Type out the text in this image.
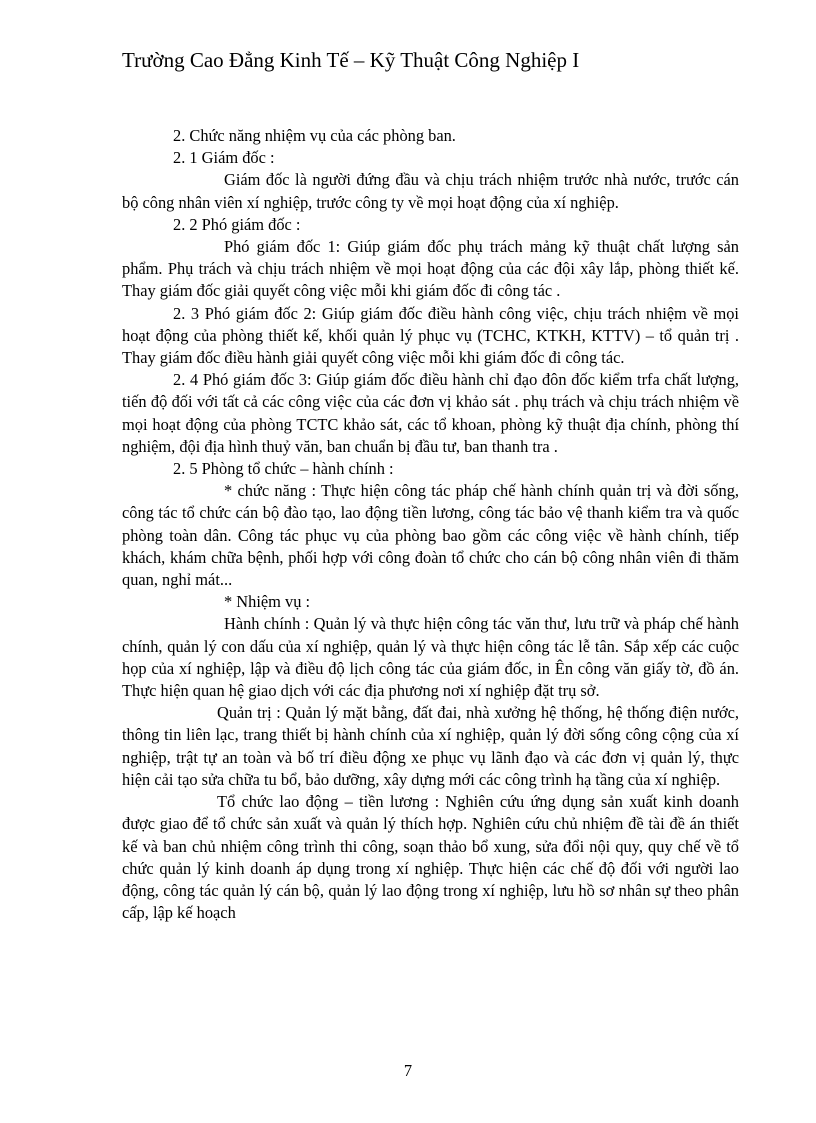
Trường Cao Đẳng Kinh Tế – Kỹ Thuật Công Nghiệp I

2. Chức năng nhiệm vụ của các phòng ban.

2. 1 Giám đốc :

Giám đốc là người đứng đầu và chịu trách nhiệm trước nhà nước, trước cán bộ công nhân viên xí nghiệp, trước công ty về mọi hoạt động của xí nghiệp.

2. 2 Phó giám đốc :

Phó giám đốc 1: Giúp giám đốc phụ trách mảng kỹ thuật chất lượng sản phẩm. Phụ trách và chịu trách nhiệm về mọi hoạt động của các đội xây lắp, phòng thiết kế. Thay giám đốc giải quyết công việc mỗi khi giám đốc đi công tác .

2. 3 Phó giám đốc 2: Giúp giám đốc điều hành công việc, chịu trách nhiệm về mọi hoạt động của phòng thiết kế, khối quản lý phục vụ (TCHC, KTKH, KTTV) – tổ quản trị . Thay giám đốc điều hành giải quyết công việc mỗi khi giám đốc đi công tác.

2. 4 Phó giám đốc 3: Giúp giám đốc điều hành chỉ đạo đôn đốc kiểm trfa chất lượng, tiến độ đối với tất cả các công việc của các đơn vị khảo sát . phụ trách và chịu trách nhiệm về mọi hoạt động của phòng TCTC khảo sát, các tổ khoan, phòng kỹ thuật địa chính, phòng thí nghiệm, đội địa hình thuỷ văn, ban chuẩn bị đầu tư, ban thanh tra .

2. 5 Phòng tổ chức – hành chính :

* chức năng : Thực hiện công tác pháp chế hành chính quản trị và đời sống, công tác tổ chức cán bộ đào tạo, lao động tiền lương, công tác bảo vệ thanh kiểm tra và quốc phòng toàn dân. Công tác phục vụ của phòng bao gồm các công việc về hành chính, tiếp khách, khám chữa bệnh, phối hợp với công đoàn tổ chức cho cán bộ công nhân viên đi thăm quan, nghỉ mát...

* Nhiệm vụ :

Hành chính : Quản lý và thực hiện công tác văn thư, lưu trữ và pháp chế hành chính, quản lý con dấu của xí nghiệp, quản lý và thực hiện công tác lễ tân. Sắp xếp các cuộc họp của xí nghiệp, lập và điều độ lịch công tác của giám đốc, in Ên công văn giấy tờ, đồ án. Thực hiện quan hệ giao dịch với các địa phương nơi xí nghiệp đặt trụ sở.

Quản trị : Quản lý mặt bằng, đất đai, nhà xưởng hệ thống, hệ thống điện nước, thông tin liên lạc, trang thiết bị hành chính của xí nghiệp, quản lý đời sống công cộng của xí nghiệp, trật tự an toàn và bố trí điều động xe phục vụ lãnh đạo và các đơn vị quản lý, thực hiện cải tạo sửa chữa tu bổ, bảo dưỡng, xây dựng mới các công trình hạ tầng của xí nghiệp.

Tổ chức lao động – tiền lương : Nghiên cứu ứng dụng sản xuất kinh doanh được giao để tổ chức sản xuất và quản lý thích hợp. Nghiên cứu chủ nhiệm đề tài đề án thiết kế và ban chủ nhiệm công trình thi công, soạn thảo bổ xung, sửa đổi nội quy, quy chế về tổ chức quản lý kinh doanh áp dụng trong xí nghiệp. Thực hiện các chế độ đối với người lao động, công tác quản lý cán bộ, quản lý lao động trong xí nghiệp, lưu hồ sơ nhân sự theo phân cấp, lập kế hoạch

7
